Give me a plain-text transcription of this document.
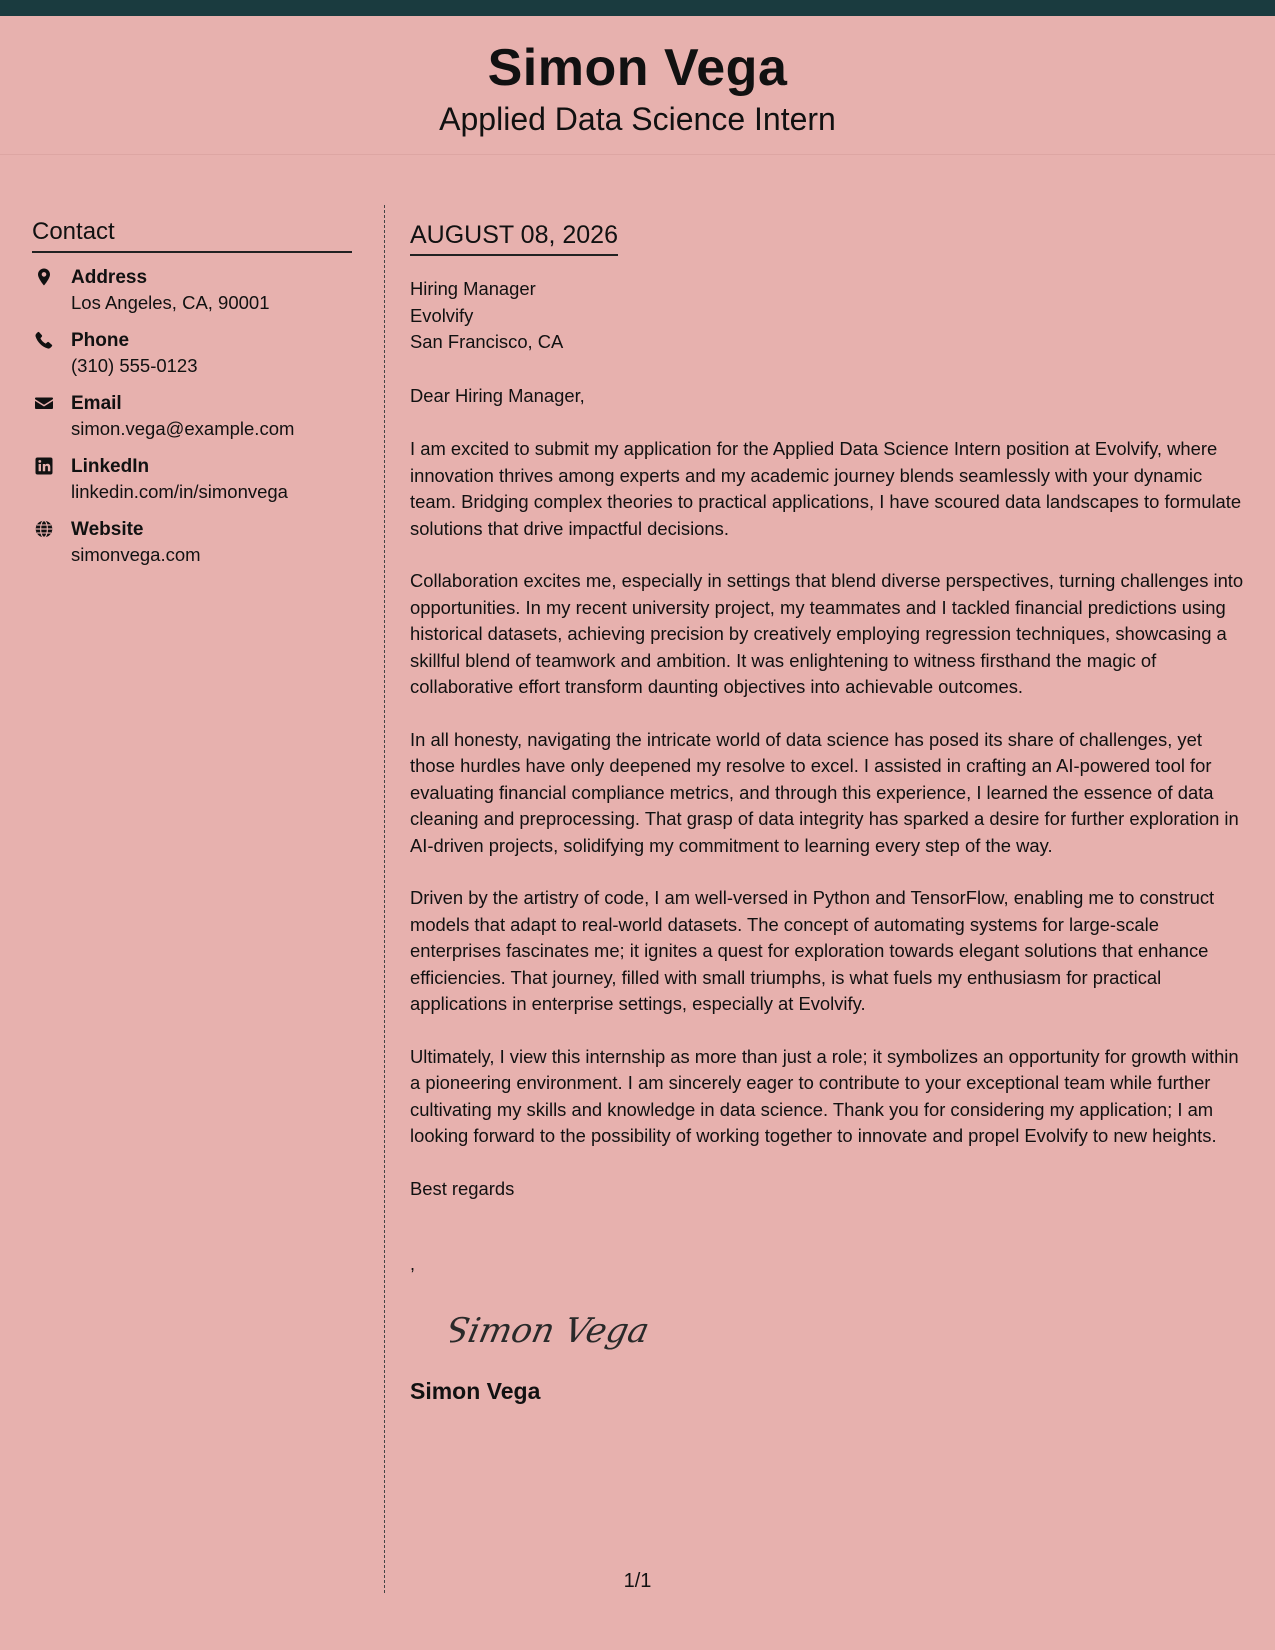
Simon Vega
Applied Data Science Intern
Contact
Address
Los Angeles, CA, 90001
Phone
(310) 555-0123
Email
simon.vega@example.com
LinkedIn
linkedin.com/in/simonvega
Website
simonvega.com
AUGUST 08, 2026
Hiring Manager
Evolvify
San Francisco, CA
Dear Hiring Manager,

I am excited to submit my application for the Applied Data Science Intern position at Evolvify, where innovation thrives among experts and my academic journey blends seamlessly with your dynamic team. Bridging complex theories to practical applications, I have scoured data landscapes to formulate solutions that drive impactful decisions.

Collaboration excites me, especially in settings that blend diverse perspectives, turning challenges into opportunities. In my recent university project, my teammates and I tackled financial predictions using historical datasets, achieving precision by creatively employing regression techniques, showcasing a skillful blend of teamwork and ambition. It was enlightening to witness firsthand the magic of collaborative effort transform daunting objectives into achievable outcomes.

In all honesty, navigating the intricate world of data science has posed its share of challenges, yet those hurdles have only deepened my resolve to excel. I assisted in crafting an AI-powered tool for evaluating financial compliance metrics, and through this experience, I learned the essence of data cleaning and preprocessing. That grasp of data integrity has sparked a desire for further exploration in AI-driven projects, solidifying my commitment to learning every step of the way.

Driven by the artistry of code, I am well-versed in Python and TensorFlow, enabling me to construct models that adapt to real-world datasets. The concept of automating systems for large-scale enterprises fascinates me; it ignites a quest for exploration towards elegant solutions that enhance efficiencies. That journey, filled with small triumphs, is what fuels my enthusiasm for practical applications in enterprise settings, especially at Evolvify.

Ultimately, I view this internship as more than just a role; it symbolizes an opportunity for growth within a pioneering environment. I am sincerely eager to contribute to your exceptional team while further cultivating my skills and knowledge in data science. Thank you for considering my application; I am looking forward to the possibility of working together to innovate and propel Evolvify to new heights.

Best regards
,
Simon Vega
Simon Vega
1/1
